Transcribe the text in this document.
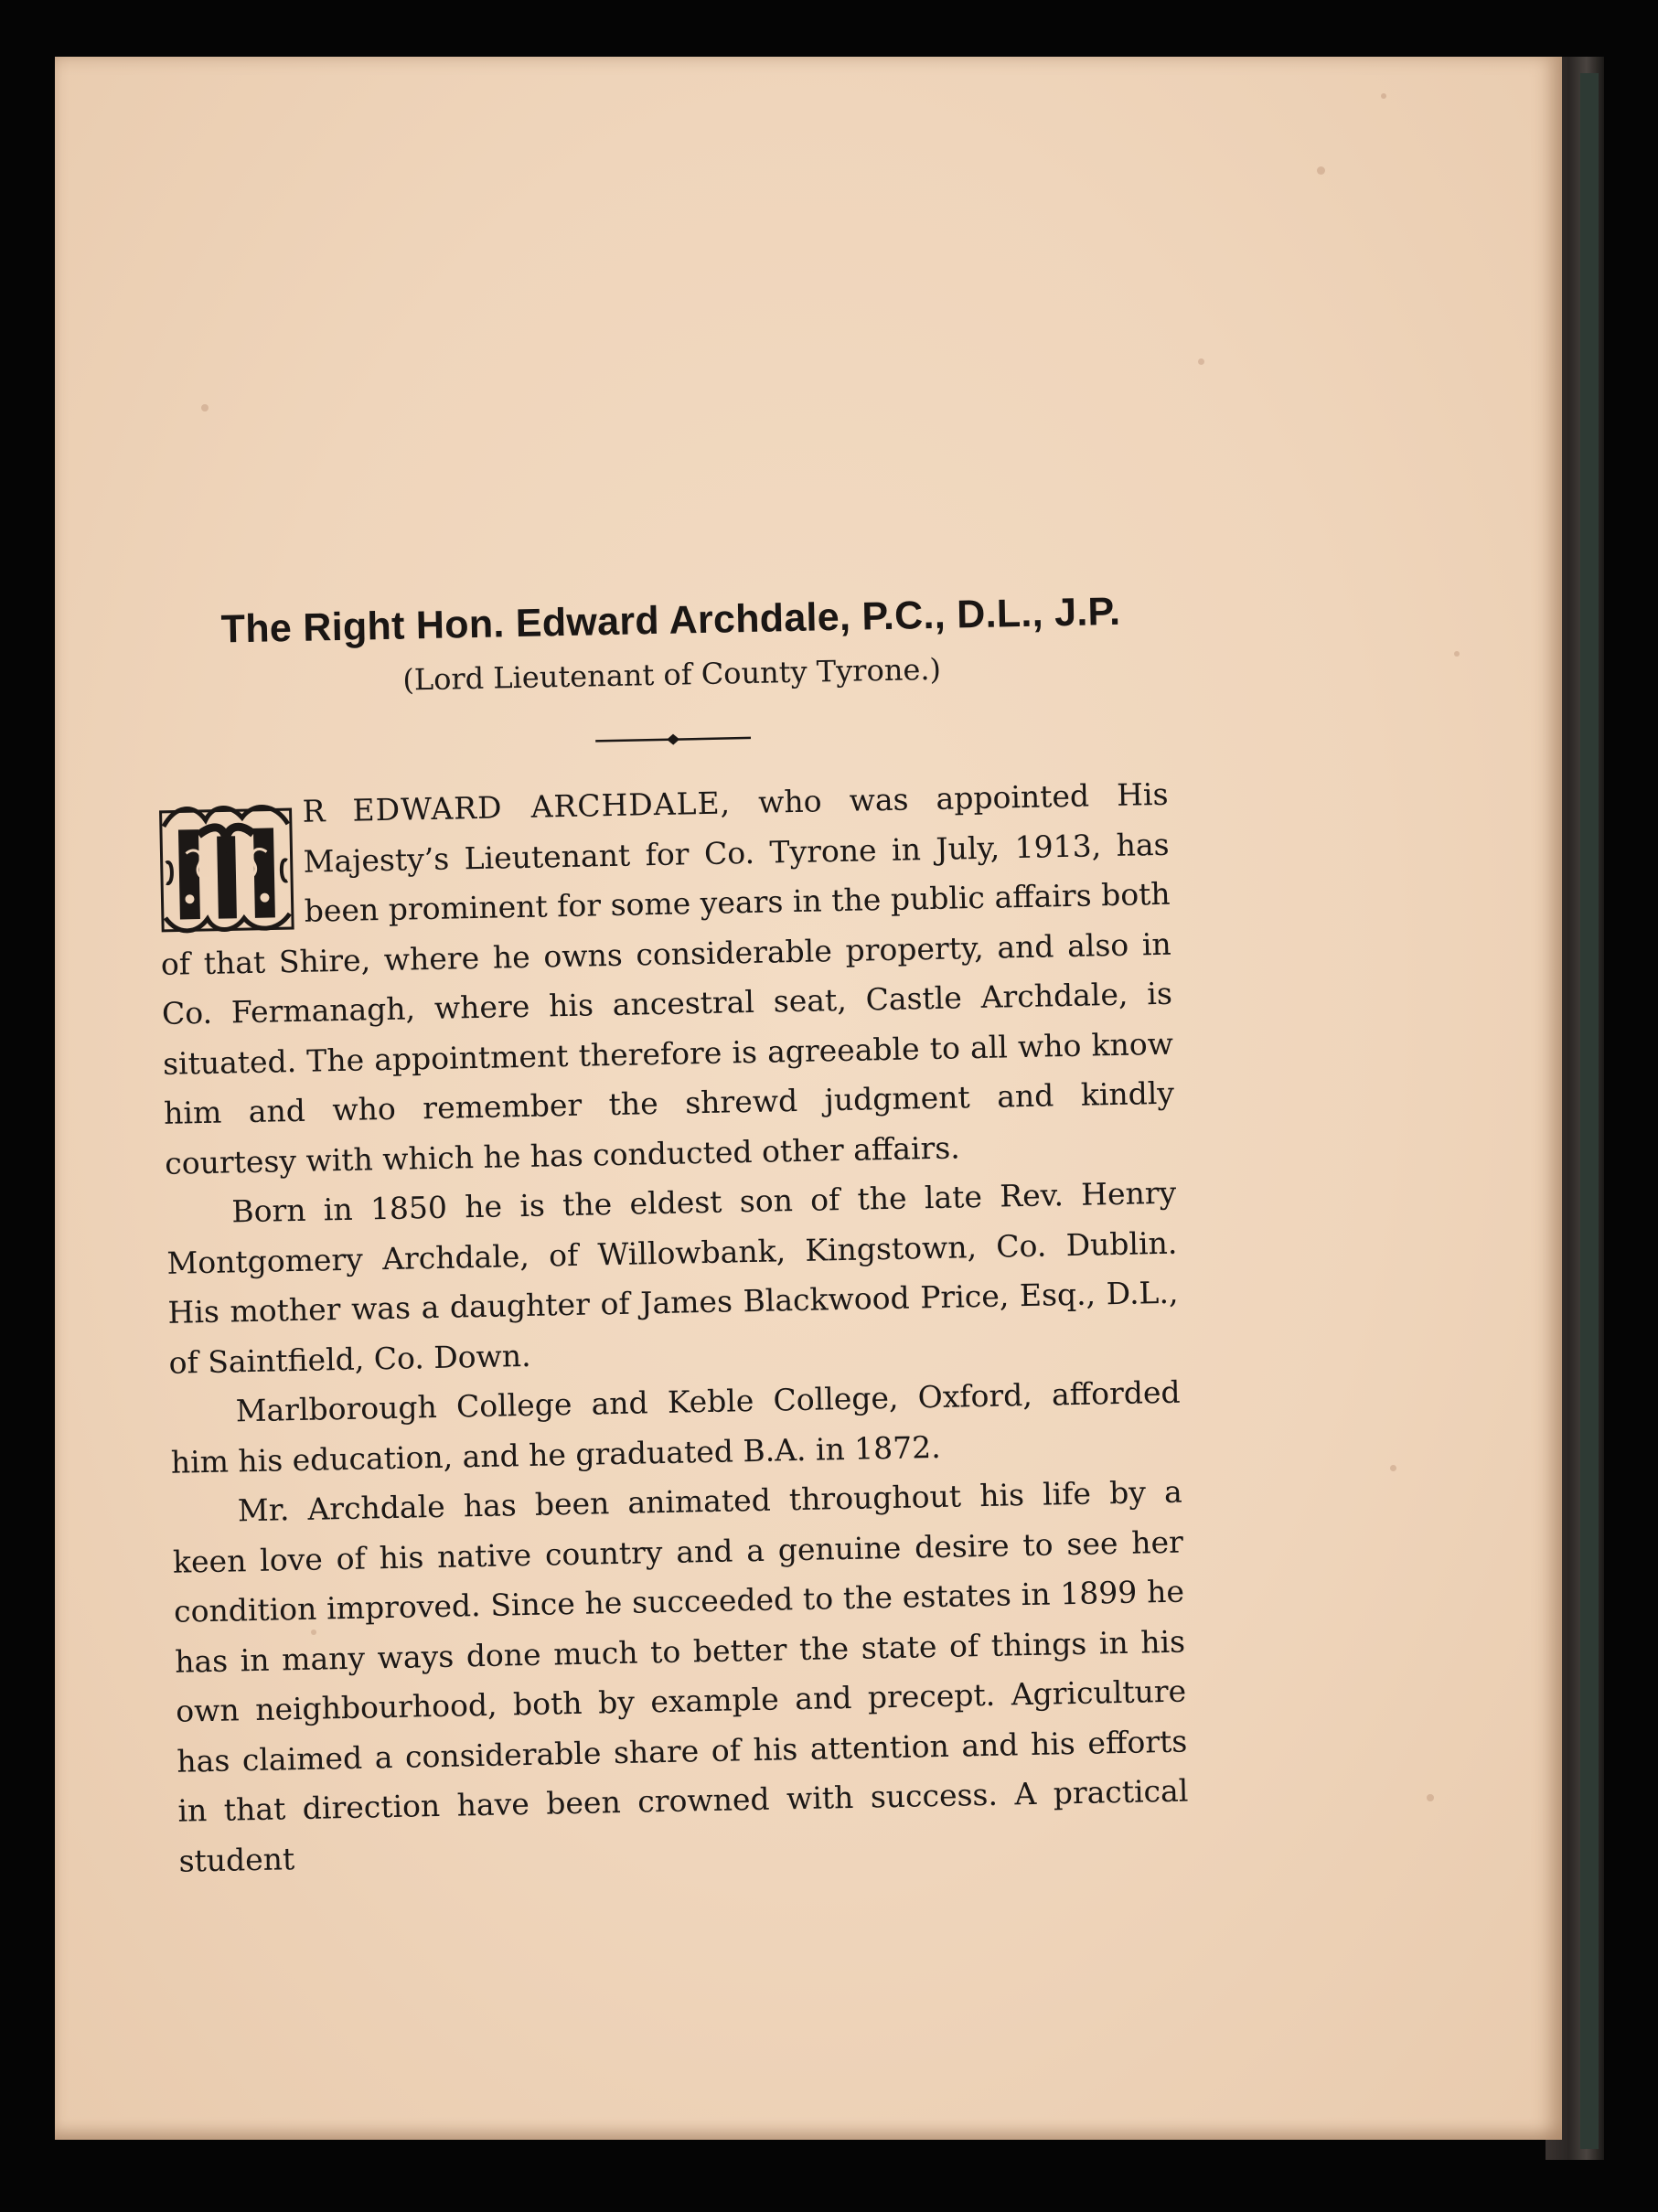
The Right Hon. Edward Archdale, P.C., D.L., J.P.
(Lord Lieutenant of County Tyrone.)

R EDWARD ARCHDALE, who was appointed His Majesty’s Lieutenant for Co. Tyrone in July, 1913, has been prominent for some years in the public affairs both of that Shire, where he owns considerable property, and also in Co. Fermanagh, where his ancestral seat, Castle Archdale, is situated. The appointment therefore is agreeable to all who know him and who remember the shrewd judgment and kindly courtesy with which he has conducted other affairs.

Born in 1850 he is the eldest son of the late Rev. Henry Montgomery Archdale, of Willowbank, Kingstown, Co. Dublin. His mother was a daughter of James Blackwood Price, Esq., D.L., of Saintfield, Co. Down.

Marlborough College and Keble College, Oxford, afforded him his education, and he graduated B.A. in 1872.

Mr. Archdale has been animated throughout his life by a keen love of his native country and a genuine desire to see her condition improved. Since he succeeded to the estates in 1899 he has in many ways done much to better the state of things in his own neighbourhood, both by example and precept. Agriculture has claimed a considerable share of his attention and his efforts in that direction have been crowned with success. A practical student
